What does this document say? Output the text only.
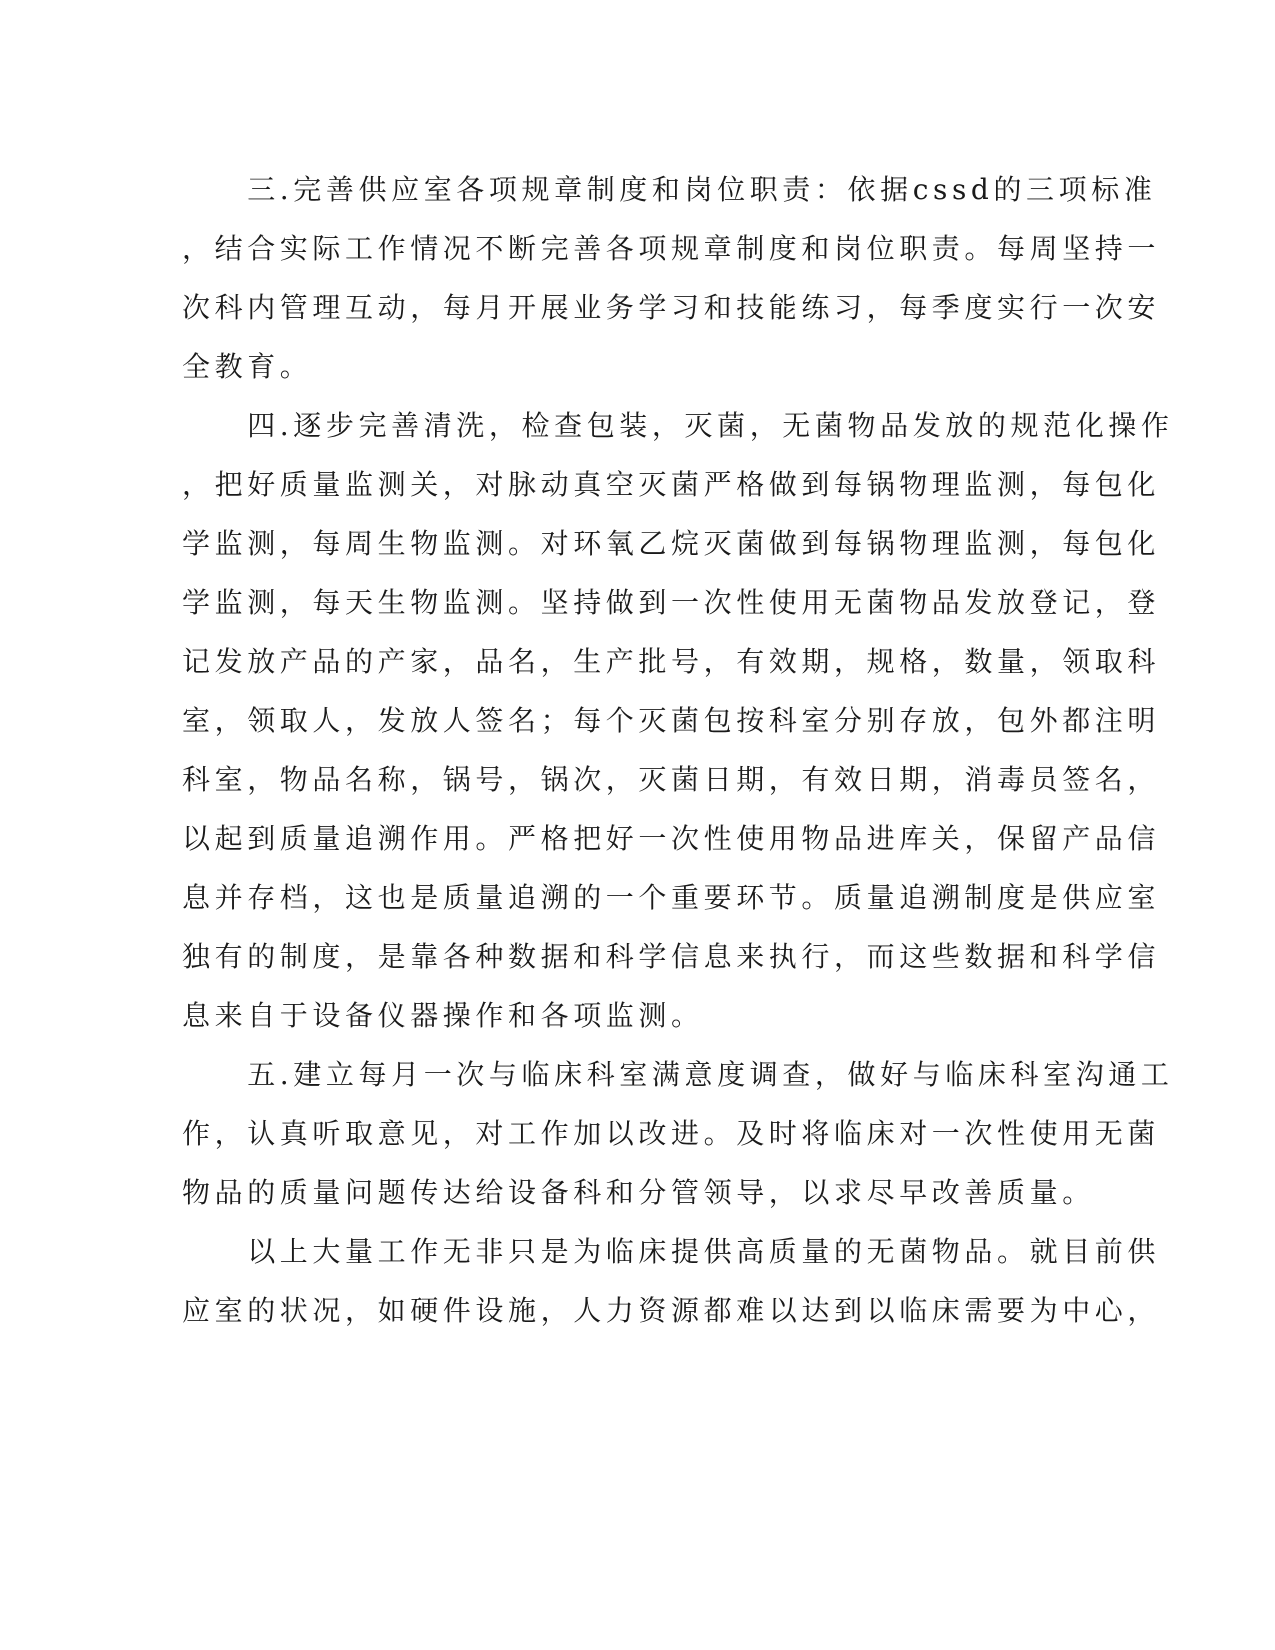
　　三.完善供应室各项规章制度和岗位职责：依据cssd的三项标准
，结合实际工作情况不断完善各项规章制度和岗位职责。每周坚持一
次科内管理互动，每月开展业务学习和技能练习，每季度实行一次安
全教育。
　　四.逐步完善清洗，检查包装，灭菌，无菌物品发放的规范化操作
，把好质量监测关，对脉动真空灭菌严格做到每锅物理监测，每包化
学监测，每周生物监测。对环氧乙烷灭菌做到每锅物理监测，每包化
学监测，每天生物监测。坚持做到一次性使用无菌物品发放登记，登
记发放产品的产家，品名，生产批号，有效期，规格，数量，领取科
室，领取人，发放人签名；每个灭菌包按科室分别存放，包外都注明
科室，物品名称，锅号，锅次，灭菌日期，有效日期，消毒员签名，
以起到质量追溯作用。严格把好一次性使用物品进库关，保留产品信
息并存档，这也是质量追溯的一个重要环节。质量追溯制度是供应室
独有的制度，是靠各种数据和科学信息来执行，而这些数据和科学信
息来自于设备仪器操作和各项监测。
　　五.建立每月一次与临床科室满意度调查，做好与临床科室沟通工
作，认真听取意见，对工作加以改进。及时将临床对一次性使用无菌
物品的质量问题传达给设备科和分管领导，以求尽早改善质量。
　　以上大量工作无非只是为临床提供高质量的无菌物品。就目前供
应室的状况，如硬件设施，人力资源都难以达到以临床需要为中心，
